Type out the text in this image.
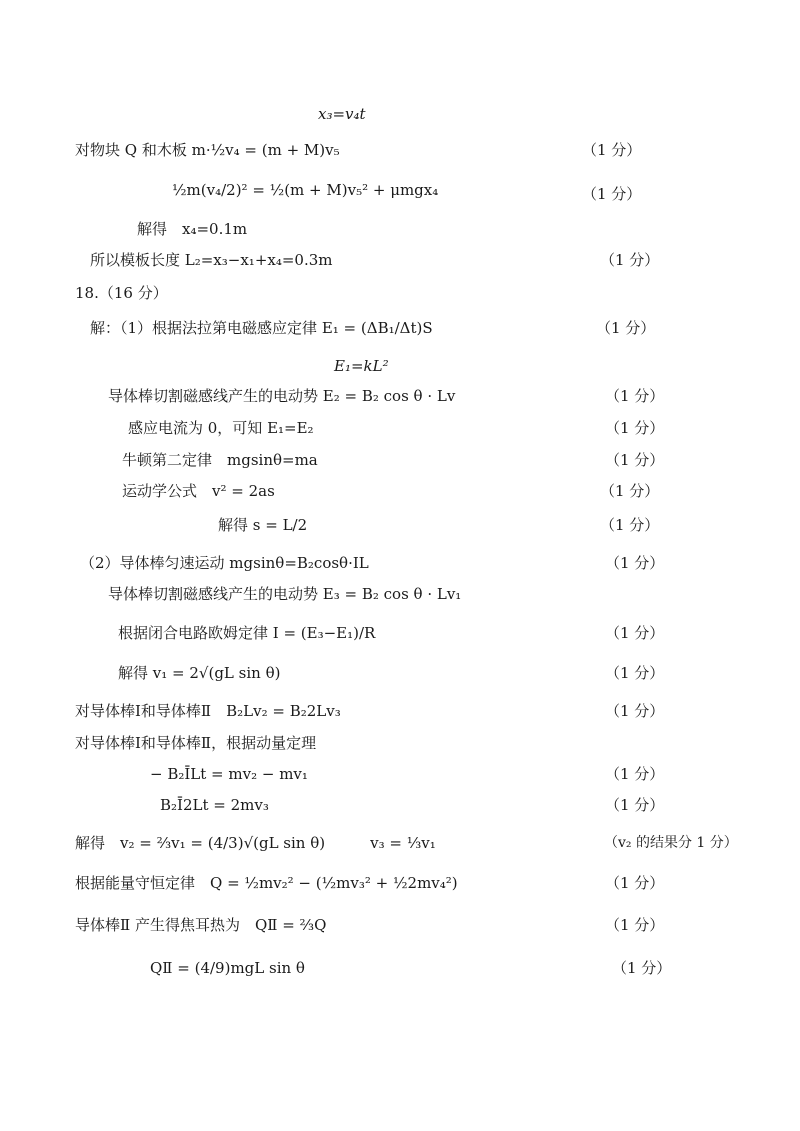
x₃=v₄t
对物块 Q 和木板 m·½v₄ = (m + M)v₅	（1 分）
½m(v₄/2)² = ½(m + M)v₅² + μmgx₄	（1 分）
解得　x₄=0.1m
所以模板长度 L₂=x₃−x₁+x₄=0.3m	（1 分）
18.（16 分）
解：（1）根据法拉第电磁感应定律 E₁ = (ΔB₁/Δt)S	（1 分）
E₁=kL²
导体棒切割磁感线产生的电动势 E₂ = B₂ cos θ · Lv	（1 分）
感应电流为 0，可知 E₁=E₂	（1 分）
牛顿第二定律　mgsinθ=ma	（1 分）
运动学公式　v² = 2as	（1 分）
解得 s = L/2	（1 分）
（2）导体棒匀速运动 mgsinθ=B₂cosθ·IL	（1 分）
导体棒切割磁感线产生的电动势 E₃ = B₂ cos θ · Lv₁
根据闭合电路欧姆定律 I = (E₃−E₁)/R	（1 分）
解得 v₁ = 2√(gL sin θ)	（1 分）
对导体棒Ⅰ和导体棒Ⅱ　B₂Lv₂ = B₂2Lv₃	（1 分）
对导体棒Ⅰ和导体棒Ⅱ，根据动量定理
− B₂ĪLt = mv₂ − mv₁	（1 分）
B₂Ī2Lt = 2mv₃	（1 分）
解得　v₂ = ⅔v₁ = (4/3)√(gL sin θ)　　　v₃ = ⅓v₁	（v₂ 的结果分 1 分）
根据能量守恒定律　Q = ½mv₂² − (½mv₃² + ½2mv₄²)	（1 分）
导体棒Ⅱ 产生得焦耳热为　QⅡ = ⅔Q	（1 分）
QⅡ = (4/9)mgL sin θ	（1 分）
